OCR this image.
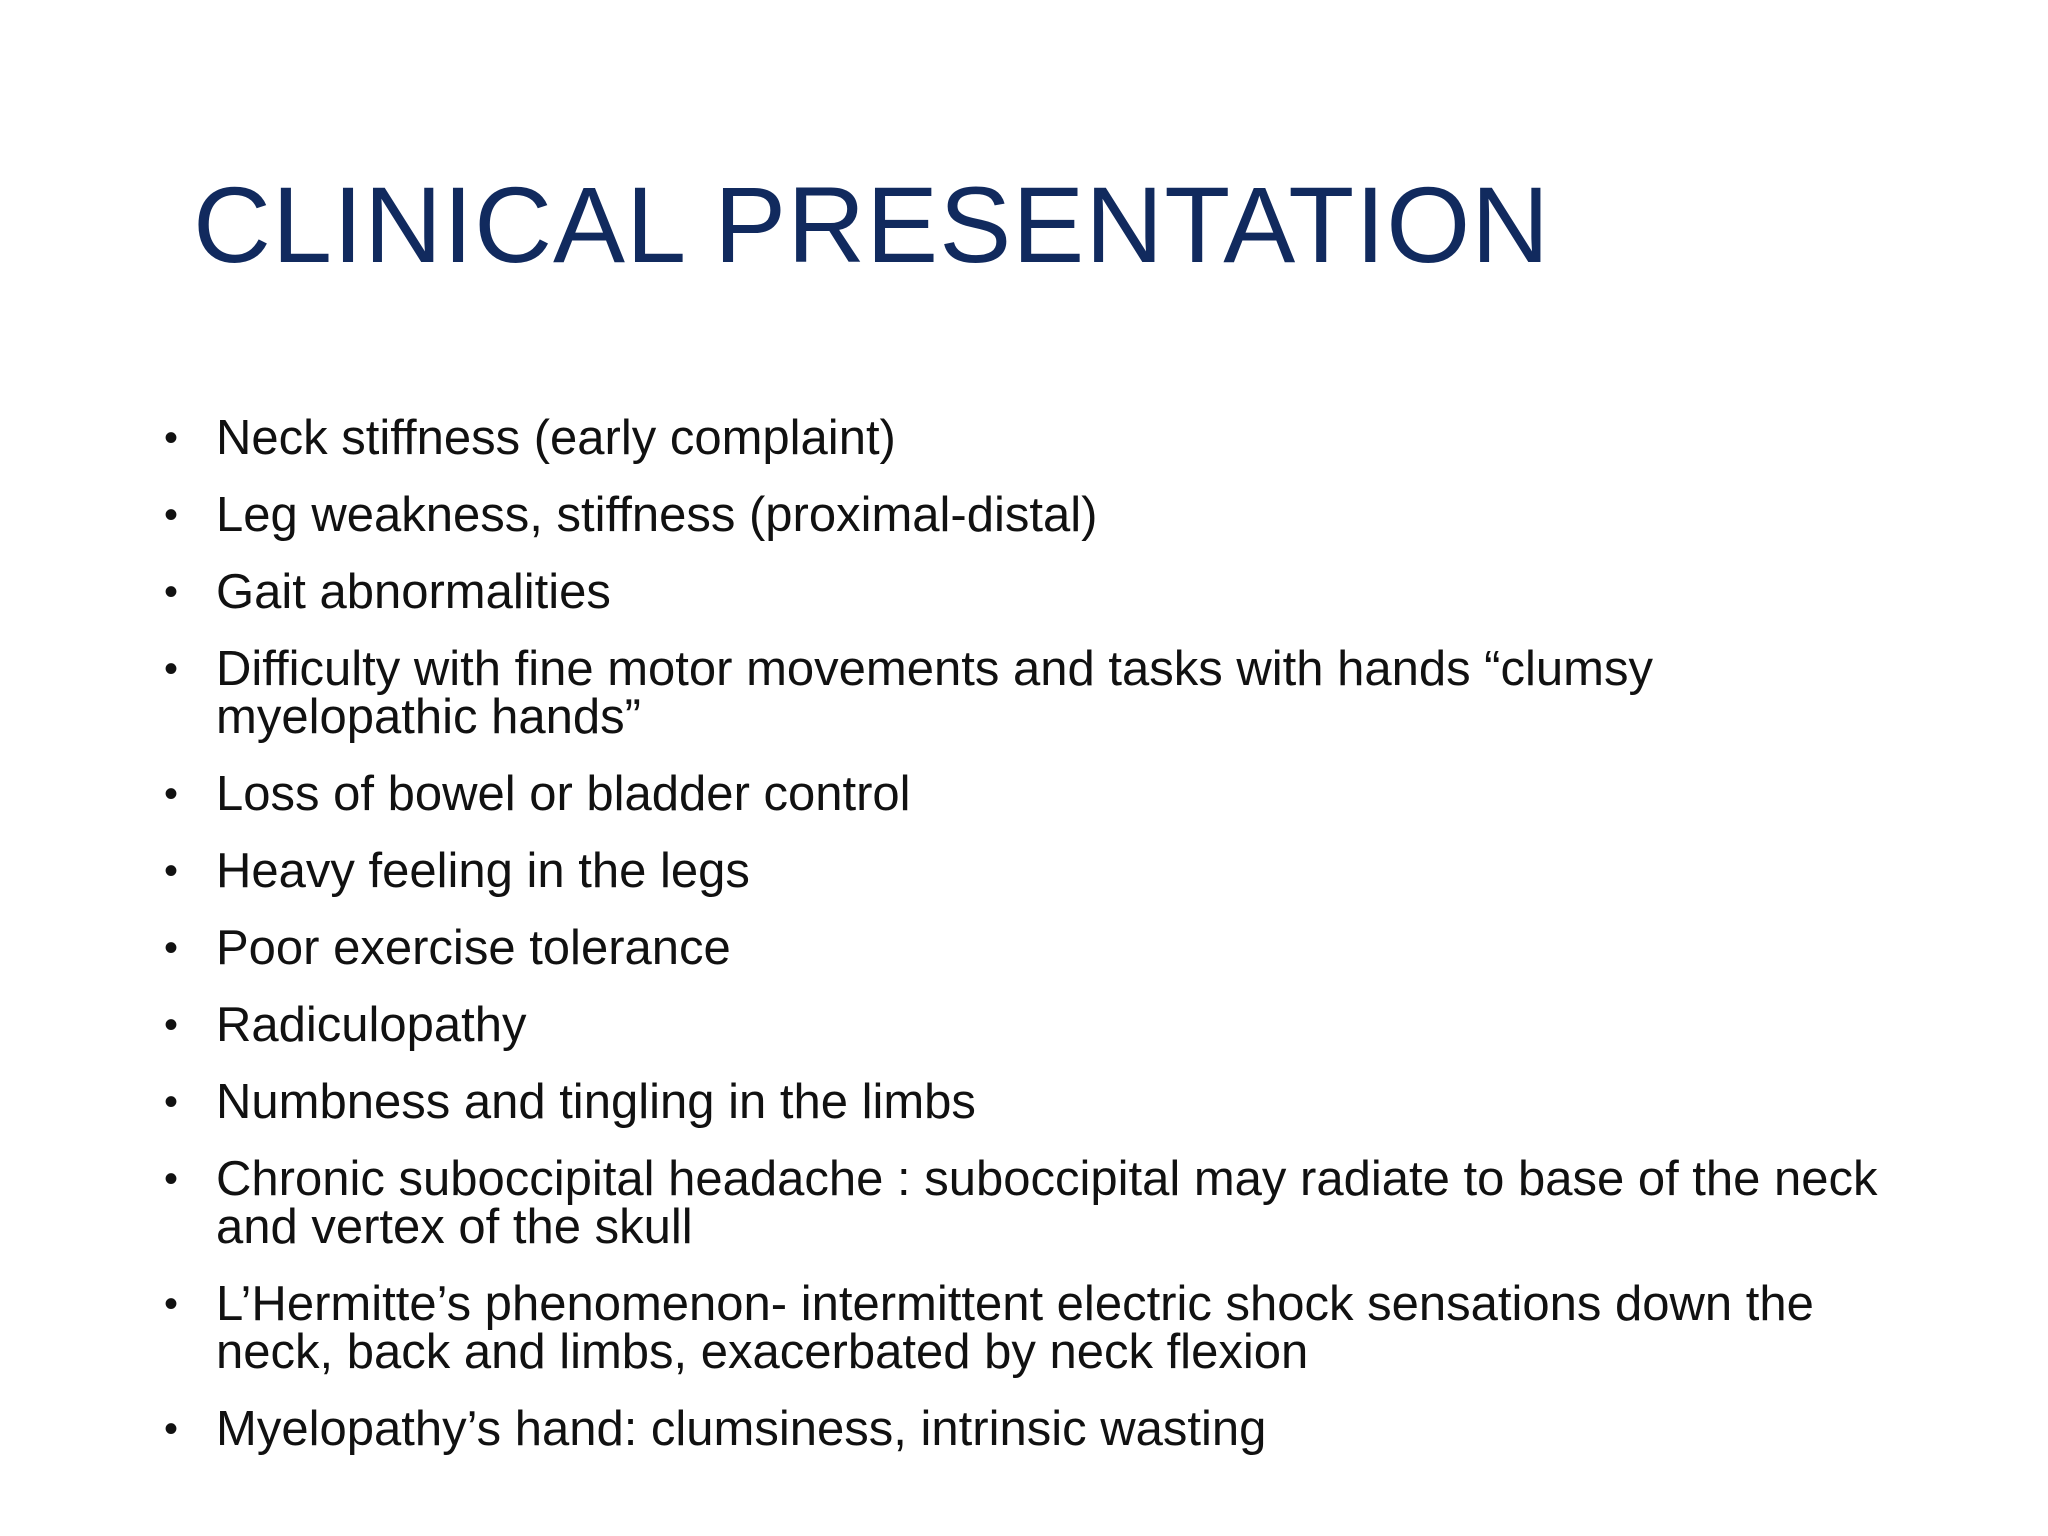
CLINICAL PRESENTATION
• Neck stiffness (early complaint)
• Leg weakness, stiffness (proximal-distal)
• Gait abnormalities
• Difficulty with fine motor movements and tasks with hands “clumsy myelopathic hands”
• Loss of bowel or bladder control
• Heavy feeling in the legs
• Poor exercise tolerance
• Radiculopathy
• Numbness and tingling in the limbs
• Chronic suboccipital headache : suboccipital may radiate to base of the neck and vertex of the skull
• L’Hermitte’s phenomenon- intermittent electric shock sensations down the neck, back and limbs, exacerbated by neck flexion
• Myelopathy’s hand: clumsiness, intrinsic wasting
